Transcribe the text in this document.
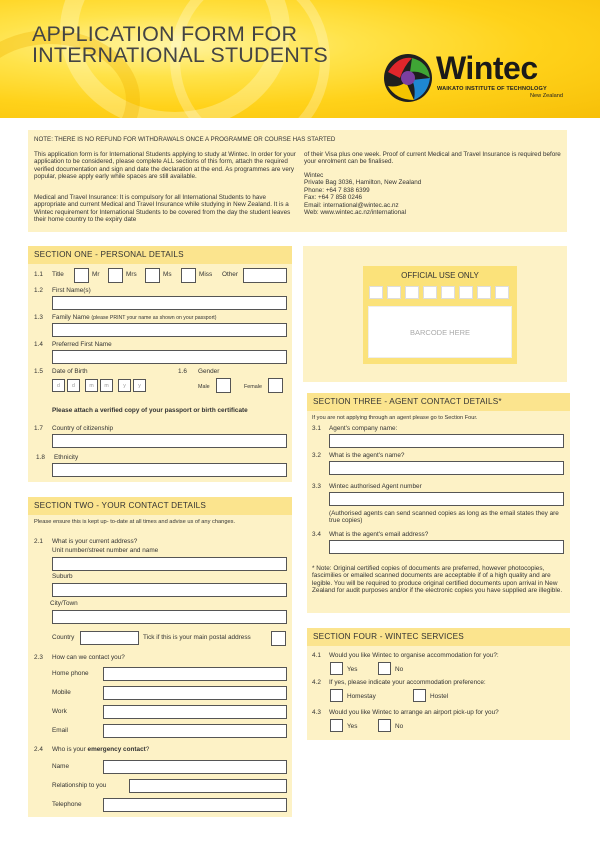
APPLICATION FORM FOR
INTERNATIONAL STUDENTS	Wintec
WAIKATO INSTITUTE OF TECHNOLOGY
New Zealand
NOTE: THERE IS NO REFUND FOR WITHDRAWALS ONCE A PROGRAMME OR COURSE HAS STARTED
This application form is for International Students applying to study at Wintec. In order for your application to be considered, please complete ALL sections of this form, attach the required verified documentation and sign and date the declaration at the end. As programmes are very popular, please apply early while spaces are still available.
Medical and Travel Insurance: It is compulsory for all International Students to have appropriate and current Medical and Travel Insurance while studying in New Zealand. It is a Wintec requirement for International Students to be covered from the day the student leaves their home country to the expiry date
of their Visa plus one week. Proof of current Medical and Travel Insurance is required before your enrolment can be finalised.
Wintec
Private Bag 3036, Hamilton, New Zealand
Phone: +64 7 838 6399
Fax: +64 7 858 0246
Email: international@wintec.ac.nz
Web: www.wintec.ac.nz/international
SECTION ONE - PERSONAL DETAILS
1.1 Title	Mr	Mrs	Ms	Miss Other
1.2 First Name(s)
1.3 Family Name (please PRINT your name as shown on your passport)
1.4 Preferred First Name
1.5 Date of Birth
d	d	m	m	y	y
1.6 Gender
Male	Female
Please attach a verified copy of your passport or birth certificate
1.7 Country of citizenship
1.8 Ethnicity
OFFICIAL USE ONLY
BARCODE HERE
SECTION THREE - AGENT CONTACT DETAILS*
If you are not applying through an agent please go to Section Four.
3.1 Agent's company name:
3.2 What is the agent's name?
3.3 Wintec authorised Agent number
(Authorised agents can send scanned copies as long as the email states they are true copies)
3.4 What is the agent's email address?
* Note: Original certified copies of documents are preferred, however photocopies, fascimilies or emailed scanned documents are acceptable if of a high quality and are legible. You will be required to produce original certified documents upon arrival in New Zealand for audit purposes and/or if the electronic copies you have supplied are illegible.
SECTION TWO - YOUR CONTACT DETAILS
Please ensure this is kept up- to-date at all times and advise us of any changes.
2.1 What is your current address?
Unit number/street number and name
Suburb
City/Town
Country	Tick if this is your main postal address
2.3 How can we contact you?
Home phone
Mobile
Work
Email
2.4 Who is your emergency contact?
Name
Relationship to you
Telephone
SECTION FOUR - WINTEC SERVICES
4.1 Would you like Wintec to organise accommodation for you?:
Yes	No
4.2 If yes, please indicate your accommodation preference:
Homestay	Hostel
4.3 Would you like Wintec to arrange an airport pick-up for you?
Yes	No
